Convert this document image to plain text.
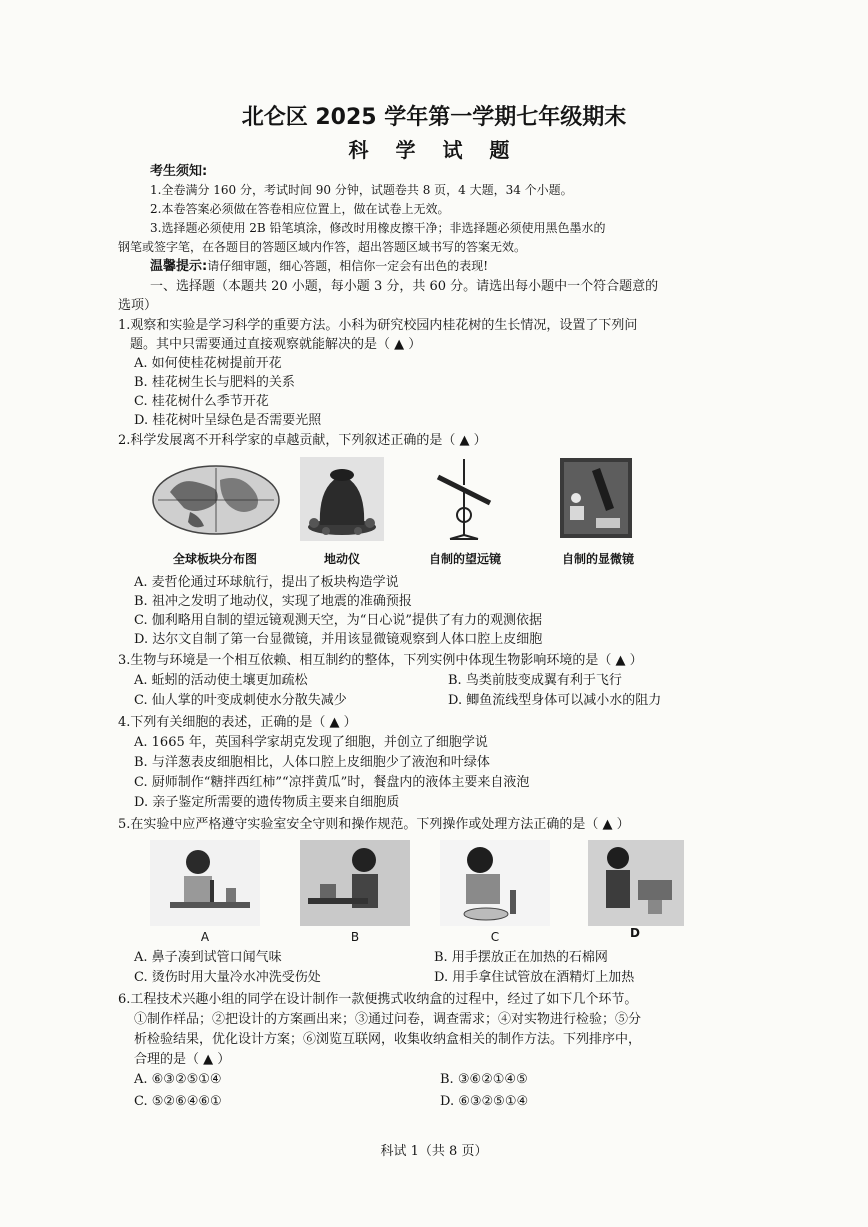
北仑区 2025 学年第一学期七年级期末
科 学 试 题
考生须知:
1.全卷满分 160 分，考试时间 90 分钟，试题卷共 8 页，4 大题，34 个小题。
2.本卷答案必须做在答卷相应位置上，做在试卷上无效。
3.选择题必须使用 2B 铅笔填涂，修改时用橡皮擦干净；非选择题必须使用黑色墨水的
钢笔或签字笔，在各题目的答题区域内作答，超出答题区域书写的答案无效。
温馨提示:请仔细审题，细心答题，相信你一定会有出色的表现!
一、选择题（本题共 20 小题，每小题 3 分，共 60 分。请选出每小题中一个符合题意的
选项）
1.观察和实验是学习科学的重要方法。小科为研究校园内桂花树的生长情况，设置了下列问
题。其中只需要通过直接观察就能解决的是（ ▲ ）
A. 如何使桂花树提前开花
B. 桂花树生长与肥料的关系
C. 桂花树什么季节开花
D. 桂花树叶呈绿色是否需要光照
2.科学发展离不开科学家的卓越贡献，下列叙述正确的是（ ▲ ）
全球板块分布图	地动仪	自制的望远镜	自制的显微镜
A. 麦哲伦通过环球航行，提出了板块构造学说
B. 祖冲之发明了地动仪，实现了地震的准确预报
C. 伽利略用自制的望远镜观测天空，为“日心说”提供了有力的观测依据
D. 达尔文自制了第一台显微镜，并用该显微镜观察到人体口腔上皮细胞
3.生物与环境是一个相互依赖、相互制约的整体，下列实例中体现生物影响环境的是（ ▲ ）
A. 蚯蚓的活动使土壤更加疏松	B. 鸟类前肢变成翼有利于飞行
C. 仙人掌的叶变成刺使水分散失减少	D. 鲫鱼流线型身体可以减小水的阻力
4.下列有关细胞的表述，正确的是（ ▲ ）
A. 1665 年，英国科学家胡克发现了细胞，并创立了细胞学说
B. 与洋葱表皮细胞相比，人体口腔上皮细胞少了液泡和叶绿体
C. 厨师制作“糖拌西红柿”“凉拌黄瓜”时，餐盘内的液体主要来自液泡
D. 亲子鉴定所需要的遗传物质主要来自细胞质
5.在实验中应严格遵守实验室安全守则和操作规范。下列操作或处理方法正确的是（ ▲ ）
A	B	C	D
A. 鼻子凑到试管口闻气味	B. 用手摆放正在加热的石棉网
C. 烫伤时用大量冷水冲洗受伤处	D. 用手拿住试管放在酒精灯上加热
6.工程技术兴趣小组的同学在设计制作一款便携式收纳盒的过程中，经过了如下几个环节。
①制作样品；②把设计的方案画出来；③通过问卷，调查需求；④对实物进行检验；⑤分
析检验结果，优化设计方案；⑥浏览互联网，收集收纳盒相关的制作方法。下列排序中，
合理的是（ ▲ ）
A. ⑥③②⑤①④	B. ③⑥②①④⑤
C. ⑤②⑥④⑥①	D. ⑥③②⑤①④
科试 1（共 8 页）
